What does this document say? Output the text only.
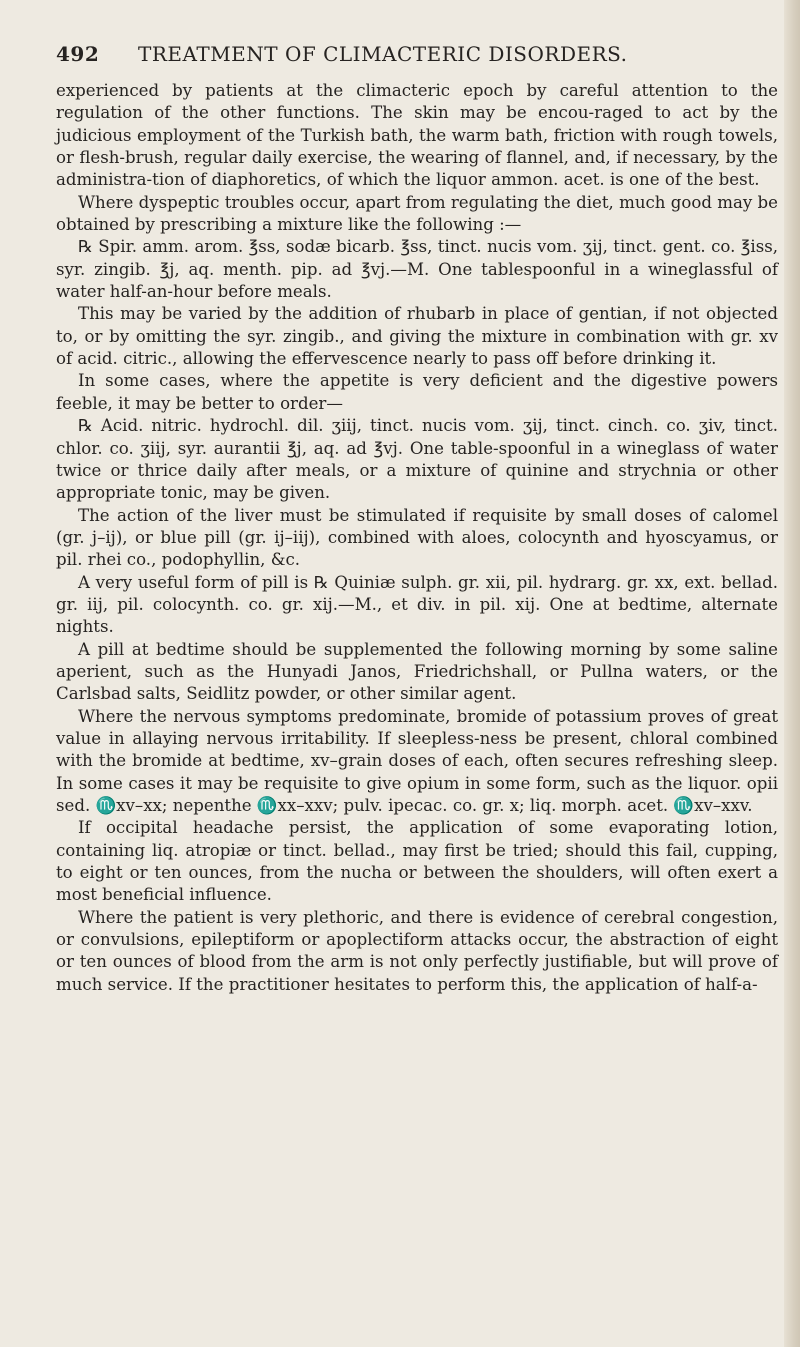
492	TREATMENT OF CLIMACTERIC DISORDERS.

experienced by patients at the climacteric epoch by careful attention to the regulation of the other functions. The skin may be encou-raged to act by the judicious employment of the Turkish bath, the warm bath, friction with rough towels, or flesh-brush, regular daily exercise, the wearing of flannel, and, if necessary, by the administra-tion of diaphoretics, of which the liquor ammon. acet. is one of the best.

Where dyspeptic troubles occur, apart from regulating the diet, much good may be obtained by prescribing a mixture like the following :—

℞ Spir. amm. arom. ℥ss, sodæ bicarb. ℥ss, tinct. nucis vom. ʒij, tinct. gent. co. ℥iss, syr. zingib. ℥j, aq. menth. pip. ad ℥vj.—M. One tablespoonful in a wineglassful of water half-an-hour before meals.

This may be varied by the addition of rhubarb in place of gentian, if not objected to, or by omitting the syr. zingib., and giving the mixture in combination with gr. xv of acid. citric., allowing the effervescence nearly to pass off before drinking it.

In some cases, where the appetite is very deficient and the digestive powers feeble, it may be better to order—

℞ Acid. nitric. hydrochl. dil. ʒiij, tinct. nucis vom. ʒij, tinct. cinch. co. ʒiv, tinct. chlor. co. ʒiij, syr. aurantii ℥j, aq. ad ℥vj. One table-spoonful in a wineglass of water twice or thrice daily after meals, or a mixture of quinine and strychnia or other appropriate tonic, may be given.

The action of the liver must be stimulated if requisite by small doses of calomel (gr. j–ij), or blue pill (gr. ij–iij), combined with aloes, colocynth and hyoscyamus, or pil. rhei co., podophyllin, &c.

A very useful form of pill is ℞ Quiniæ sulph. gr. xii, pil. hydrarg. gr. xx, ext. bellad. gr. iij, pil. colocynth. co. gr. xij.—M., et div. in pil. xij. One at bedtime, alternate nights.

A pill at bedtime should be supplemented the following morning by some saline aperient, such as the Hunyadi Janos, Friedrichshall, or Pullna waters, or the Carlsbad salts, Seidlitz powder, or other similar agent.

Where the nervous symptoms predominate, bromide of potassium proves of great value in allaying nervous irritability. If sleepless-ness be present, chloral combined with the bromide at bedtime, xv–grain doses of each, often secures refreshing sleep. In some cases it may be requisite to give opium in some form, such as the liquor. opii sed. ♏xv–xx; nepenthe ♏xx–xxv; pulv. ipecac. co. gr. x; liq. morph. acet. ♏xv–xxv.

If occipital headache persist, the application of some evaporating lotion, containing liq. atropiæ or tinct. bellad., may first be tried; should this fail, cupping, to eight or ten ounces, from the nucha or between the shoulders, will often exert a most beneficial influence.

Where the patient is very plethoric, and there is evidence of cerebral congestion, or convulsions, epileptiform or apoplectiform attacks occur, the abstraction of eight or ten ounces of blood from the arm is not only perfectly justifiable, but will prove of much service. If the practitioner hesitates to perform this, the application of half-a-
